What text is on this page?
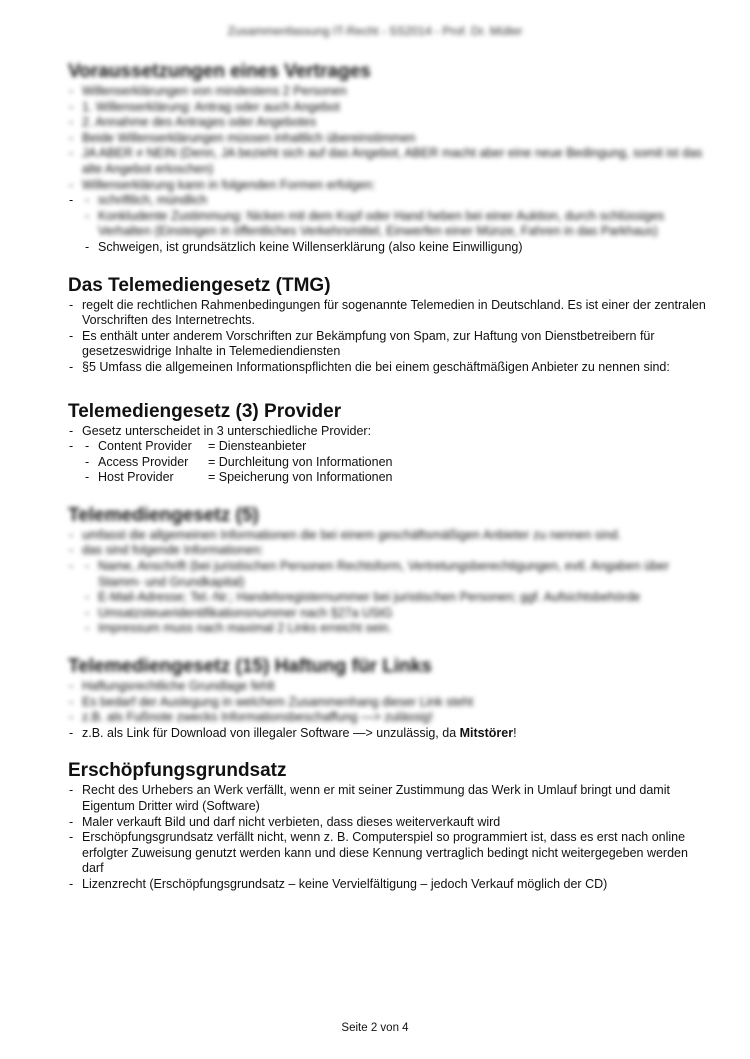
Zusammenfassung IT-Recht - SS2014 - Prof. Dr. Müller
Voraussetzungen eines Vertrages
- Willenserklärungen von mindestens 2 Personen
- 1. Willenserklärung: Antrag oder auch Angebot
- 2. Annahme des Antrages oder Angebotes
- Beide Willenserklärungen müssen inhaltlich übereinstimmen
- JA ABER ≠ NEIN (Denn, JA bezieht sich auf das Angebot, ABER macht aber eine neue Bedingung, somit ist das alte Angebot erloschen)
- Willenserklärung kann in folgenden Formen erfolgen:
- - schriftlich, mündlich
- Konkludente Zustimmung: Nicken mit dem Kopf oder Hand heben bei einer Auktion, durch schlüssiges Verhalten (Einsteigen in öffentliches Verkehrsmittel, Einwerfen einer Münze, Fahren in das Parkhaus)
- Schweigen, ist grundsätzlich keine Willenserklärung (also keine Einwilligung)
Das Telemediengesetz (TMG)
- regelt die rechtlichen Rahmenbedingungen für sogenannte Telemedien in Deutschland. Es ist einer der zentralen Vorschriften des Internetrechts.
- Es enthält unter anderem Vorschriften zur Bekämpfung von Spam, zur Haftung von Dienstbetreibern für gesetzeswidrige Inhalte in Telemediendiensten
- §5 Umfass die allgemeinen Informationspflichten die bei einem geschäftmäßigen Anbieter zu nennen sind:
Telemediengesetz (3) Provider
- Gesetz unterscheidet in 3 unterschiedliche Provider:
- - Content Provider = Diensteanbieter
- Access Provider = Durchleitung von Informationen
- Host Provider	= Speicherung von Informationen
Telemediengesetz (5)
- umfasst die allgemeinen Informationen die bei einem geschäftsmäßigen Anbieter zu nennen sind.
- das sind folgende Informationen:
- - Name, Anschrift (bei juristischen Personen Rechtsform, Vertretungsberechtigungen, evtl. Angaben über Stamm- und Grundkapital)
- E-Mail-Adresse; Tel.-Nr.; Handelsregisternummer bei juristischen Personen; ggf. Aufsichtsbehörde
- Umsatzsteueridentifikationsnummer nach §27a UStG
- Impressum muss nach maximal 2 Links erreicht sein.
Telemediengesetz (15) Haftung für Links
- Haftungsrechtliche Grundlage fehlt
- Es bedarf der Auslegung in welchem Zusammenhang dieser Link steht
- z.B. als Fußnote zwecks Informationsbeschaffung —> zulässig!
- z.B. als Link für Download von illegaler Software —> unzulässig, da Mitstörer!
Erschöpfungsgrundsatz
- Recht des Urhebers an Werk verfällt, wenn er mit seiner Zustimmung das Werk in Umlauf bringt und damit Eigentum Dritter wird (Software)
- Maler verkauft Bild und darf nicht verbieten, dass dieses weiterverkauft wird
- Erschöpfungsgrundsatz verfällt nicht, wenn z. B. Computerspiel so programmiert ist, dass es erst nach online erfolgter Zuweisung genutzt werden kann und diese Kennung vertraglich bedingt nicht weitergegeben werden darf
- Lizenzrecht (Erschöpfungsgrundsatz – keine Vervielfältigung – jedoch Verkauf möglich der CD)
Seite 2 von 4
